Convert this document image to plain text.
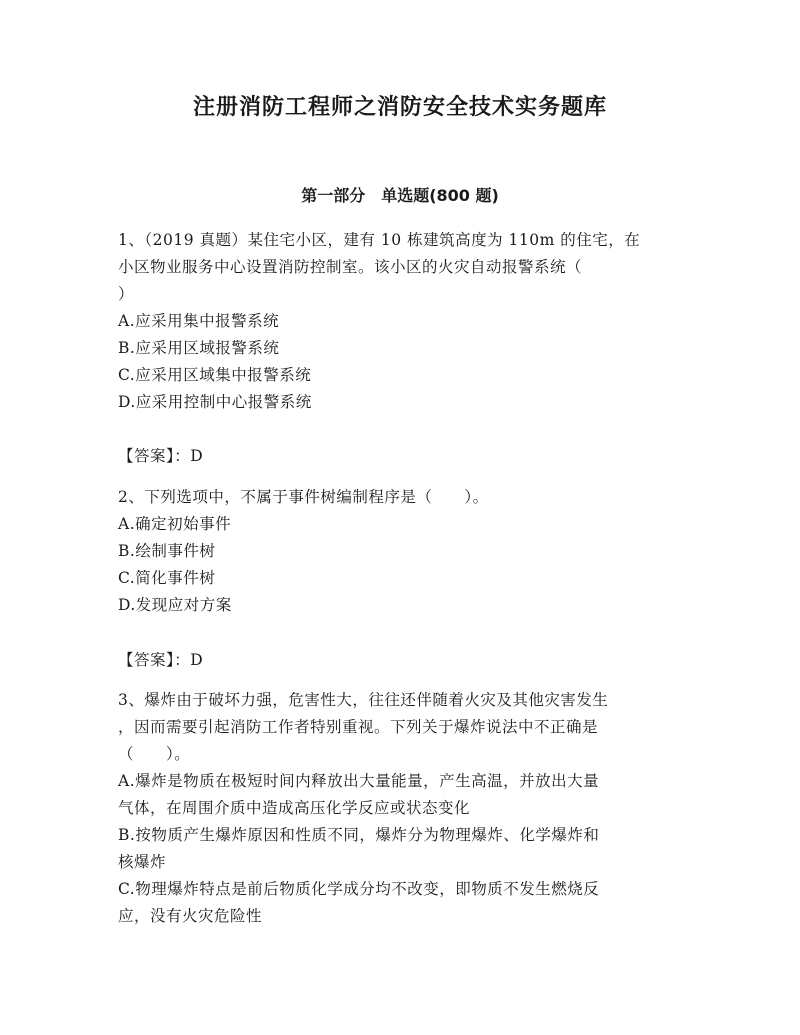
注册消防工程师之消防安全技术实务题库
第一部分　单选题(800 题)
1、（2019 真题）某住宅小区，建有 10 栋建筑高度为 110m 的住宅，在
小区物业服务中心设置消防控制室。该小区的火灾自动报警系统（
）
A.应采用集中报警系统
B.应采用区域报警系统
C.应采用区域集中报警系统
D.应采用控制中心报警系统
【答案】：D
2、下列选项中，不属于事件树编制程序是（　　）。
A.确定初始事件
B.绘制事件树
C.简化事件树
D.发现应对方案
【答案】：D
3、爆炸由于破坏力强，危害性大，往往还伴随着火灾及其他灾害发生
，因而需要引起消防工作者特别重视。下列关于爆炸说法中不正确是
（　　）。
A.爆炸是物质在极短时间内释放出大量能量，产生高温，并放出大量
气体，在周围介质中造成高压化学反应或状态变化
B.按物质产生爆炸原因和性质不同，爆炸分为物理爆炸、化学爆炸和
核爆炸
C.物理爆炸特点是前后物质化学成分均不改变，即物质不发生燃烧反
应，没有火灾危险性
